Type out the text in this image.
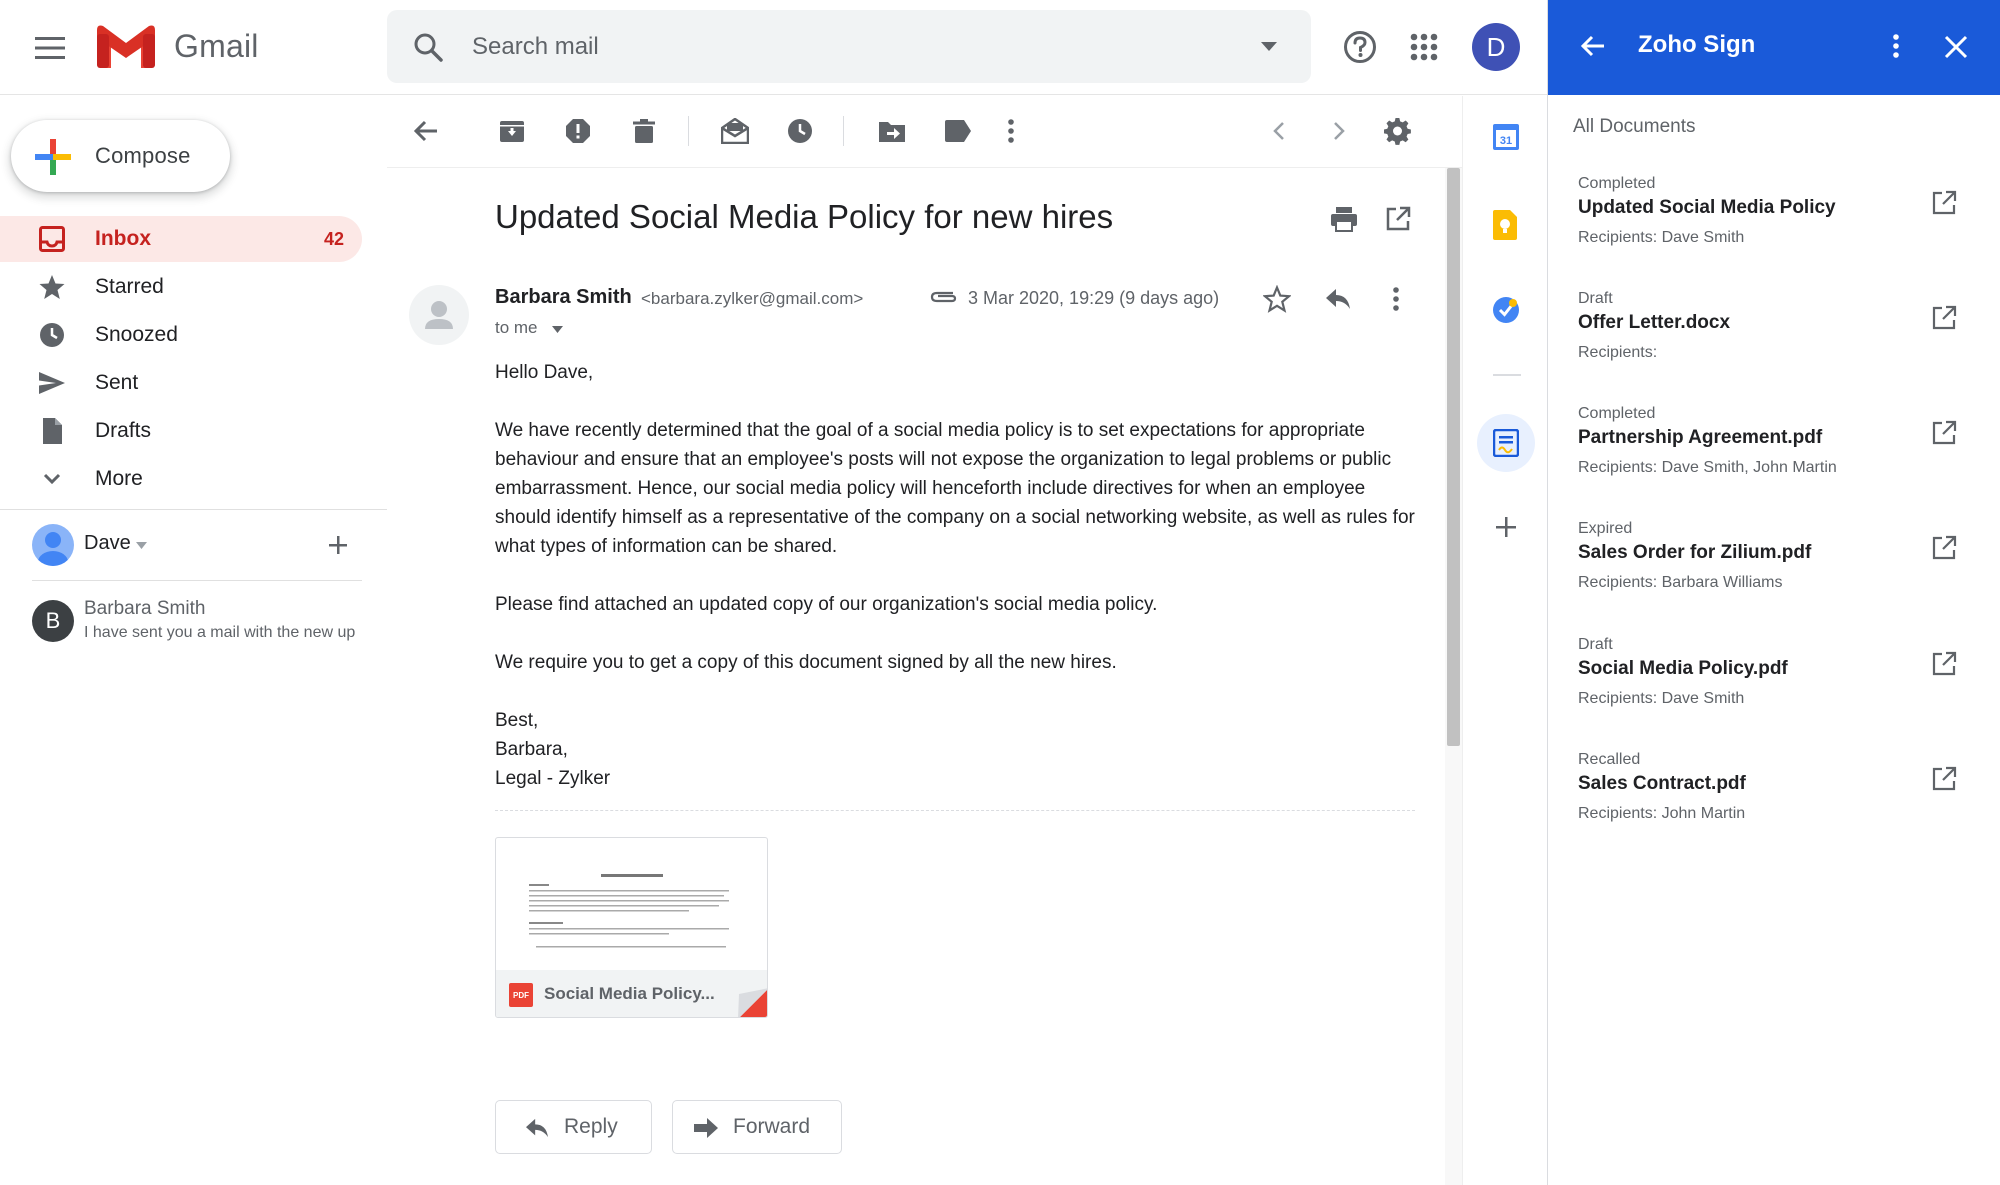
Gmail
Search mail	D
Compose
Inbox	42
Starred
Snoozed
Sent
Drafts
More
Dave
B	Barbara Smith
I have sent you a mail with the new up
Updated Social Media Policy for new hires
Barbara Smith <barbara.zylker@gmail.com>	3 Mar 2020, 19:29 (9 days ago)
to me

Hello Dave,

We have recently determined that the goal of a social media policy is to set expectations for appropriate behaviour and ensure that an employee's posts will not expose the organization to legal problems or public embarrassment. Hence, our social media policy will henceforth include directives for when an employee should identify himself as a representative of the company on a social networking website, as well as rules for what types of information can be shared.

Please find attached an updated copy of our organization's social media policy.

We require you to get a copy of this document signed by all the new hires.

Best,
Barbara,
Legal - Zylker
PDF Social Media Policy...
Reply	Forward
31
Zoho Sign
All Documents
Completed
Updated Social Media Policy
Recipients: Dave Smith
Draft
Offer Letter.docx
Recipients:
Completed
Partnership Agreement.pdf
Recipients: Dave Smith, John Martin
Expired
Sales Order for Zilium.pdf
Recipients: Barbara Williams
Draft
Social Media Policy.pdf
Recipients: Dave Smith
Recalled
Sales Contract.pdf
Recipients: John Martin
